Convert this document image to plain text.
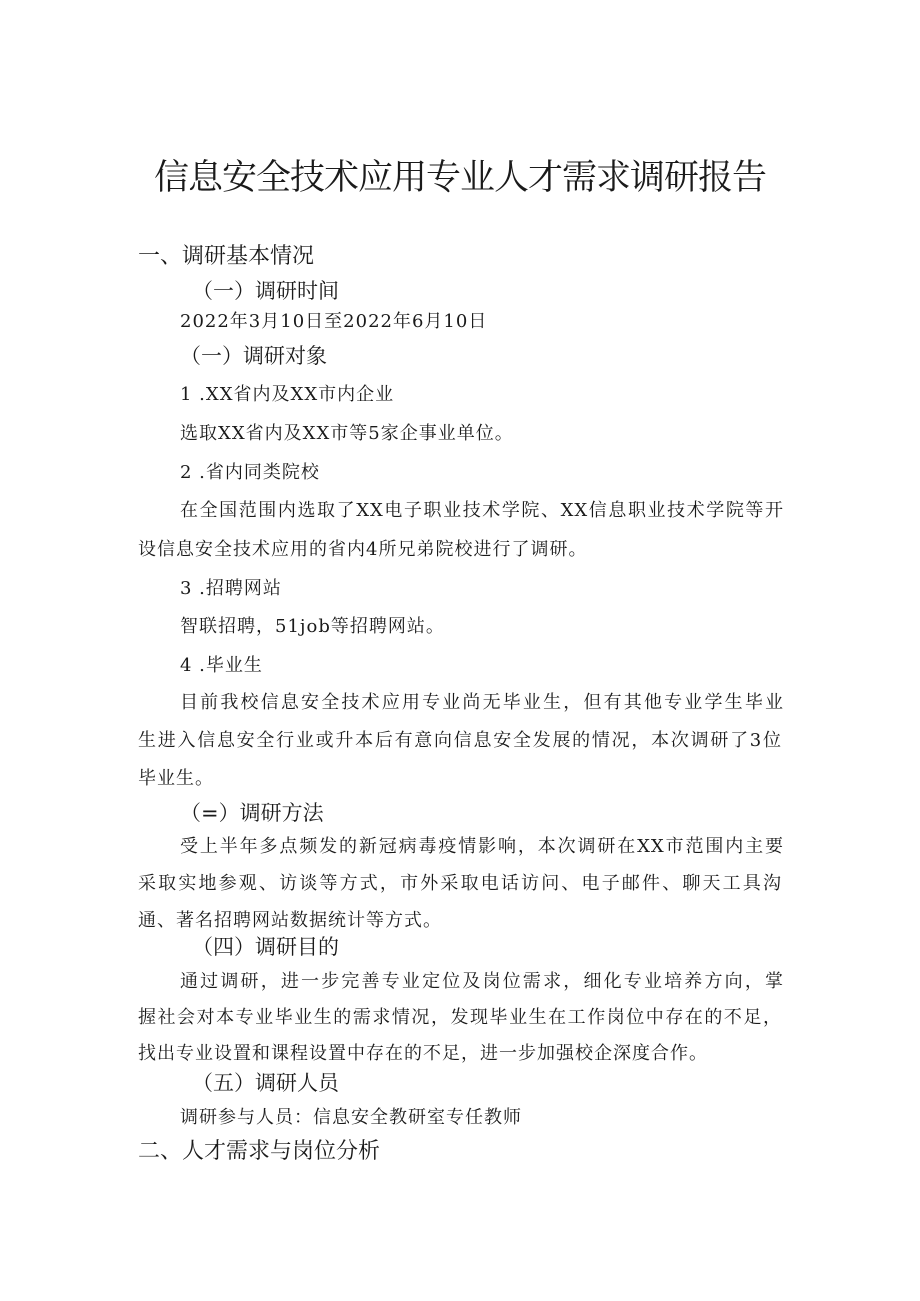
信息安全技术应用专业人才需求调研报告
一、调研基本情况
（一）调研时间
2022年3月10日至2022年6月10日
（一）调研对象
1 .XX省内及XX市内企业
选取XX省内及XX市等5家企事业单位。
2 .省内同类院校
在全国范围内选取了XX电子职业技术学院、XX信息职业技术学院等开
设信息安全技术应用的省内4所兄弟院校进行了调研。
3 .招聘网站
智联招聘，51job等招聘网站。
4 .毕业生
目前我校信息安全技术应用专业尚无毕业生，但有其他专业学生毕业
生进入信息安全行业或升本后有意向信息安全发展的情况，本次调研了3位
毕业生。
（=）调研方法
受上半年多点频发的新冠病毒疫情影响，本次调研在XX市范围内主要
采取实地参观、访谈等方式，市外采取电话访问、电子邮件、聊天工具沟
通、著名招聘网站数据统计等方式。
（四）调研目的
通过调研，进一步完善专业定位及岗位需求，细化专业培养方向，掌
握社会对本专业毕业生的需求情况，发现毕业生在工作岗位中存在的不足，
找出专业设置和课程设置中存在的不足，进一步加强校企深度合作。
（五）调研人员
调研参与人员：信息安全教研室专任教师
二、人才需求与岗位分析
